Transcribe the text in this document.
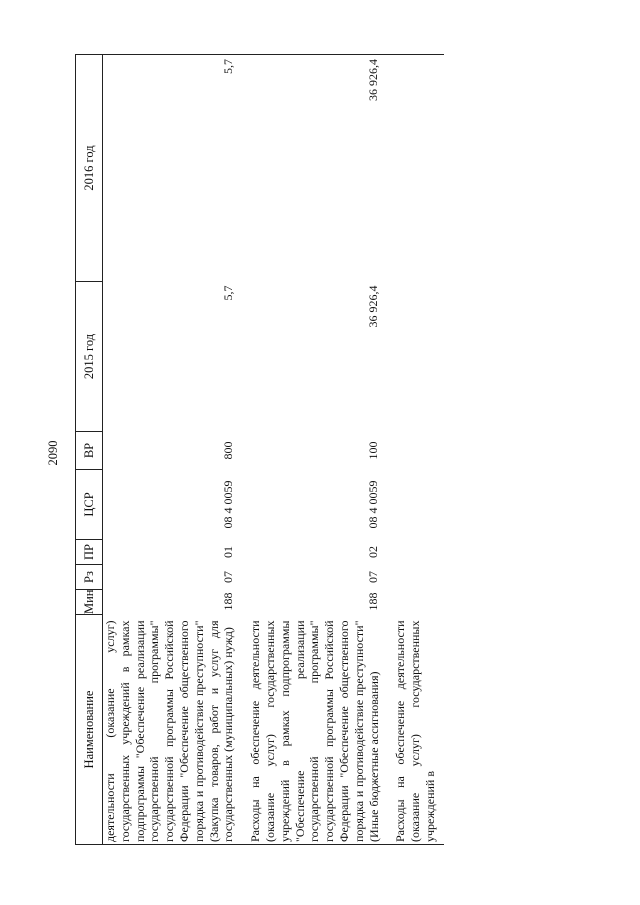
2090
Наименование	Мин	Рз	ПР	ЦСР	ВР	2015 год	2016 год
деятельности (оказание услуг) государственных учреждений в рамках подпрограммы "Обеспечение реализации государственной программы" государственной программы Российской Федерации "Обеспечение общественного порядка и противодействие преступности" (Закупка товаров, работ и услуг для государственных (муниципальных) нужд)	188	07	01	08 4 0059	800	5,7	5,7
Расходы на обеспечение деятельности (оказание услуг) государственных учреждений в рамках подпрограммы "Обеспечение реализации государственной программы" государственной программы Российской Федерации "Обеспечение общественного порядка и противодействие преступности" (Иные бюджетные ассигнования)	188	07	02	08 4 0059	100	36 926,4	36 926,4
Расходы на обеспечение деятельности (оказание услуг) государственных учреждений в							
